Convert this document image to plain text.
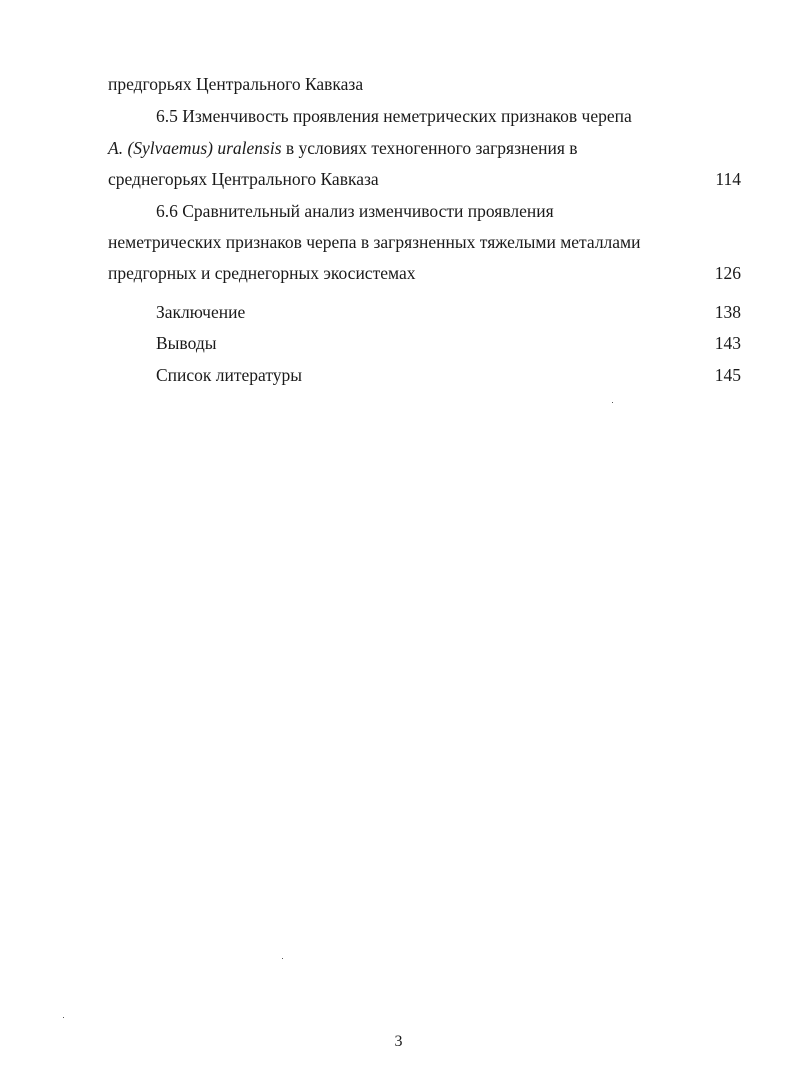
предгорьях Центрального Кавказа
6.5 Изменчивость проявления неметрических признаков черепа
A. (Sylvaemus) uralensis в условиях техногенного загрязнения в
среднегорьях Центрального Кавказа	114
6.6 Сравнительный анализ изменчивости проявления
неметрических признаков черепа в загрязненных тяжелыми металлами
предгорных и среднегорных экосистемах	126
Заключение	138
Выводы	143
Список литературы	145
3
